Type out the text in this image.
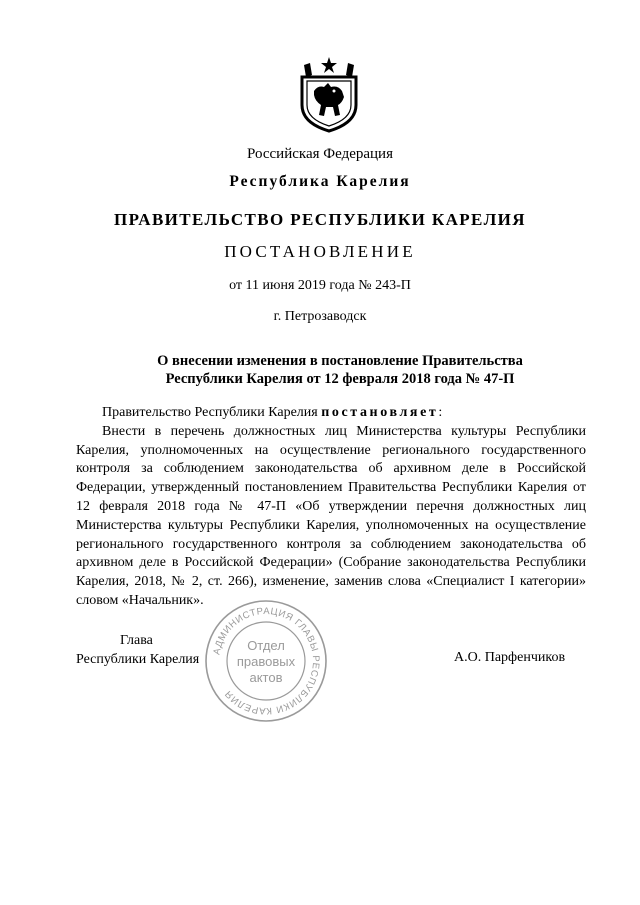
Российская Федерация
Республика Карелия
ПРАВИТЕЛЬСТВО РЕСПУБЛИКИ КАРЕЛИЯ
ПОСТАНОВЛЕНИЕ
от 11 июня 2019 года № 243-П
г. Петрозаводск
О внесении изменения в постановление Правительства
Республики Карелия от 12 февраля 2018 года № 47-П

Правительство Республики Карелия постановляет:

Внести в перечень должностных лиц Министерства культуры Республики Карелия, уполномоченных на осуществление регионального государственного контроля за соблюдением законодательства об архивном деле в Российской Федерации, утвержденный постановлением Правительства Республики Карелия от 12 февраля 2018 года № 47-П «Об утверждении перечня должностных лиц Министерства культуры Республики Карелия, уполномоченных на осуществление регионального государственного контроля за соблюдением законодательства об архивном деле в Российской Федерации» (Собрание законодательства Республики Карелия, 2018, № 2, ст. 266), изменение, заменив слова «Специалист I категории» словом «Начальник».

Глава
Республики Карелия	А.О. Парфенчиков
АДМИНИСТРАЦИЯ ГЛАВЫ РЕСПУБЛИКИ КАРЕЛИЯ
Отдел
правовых
актов
